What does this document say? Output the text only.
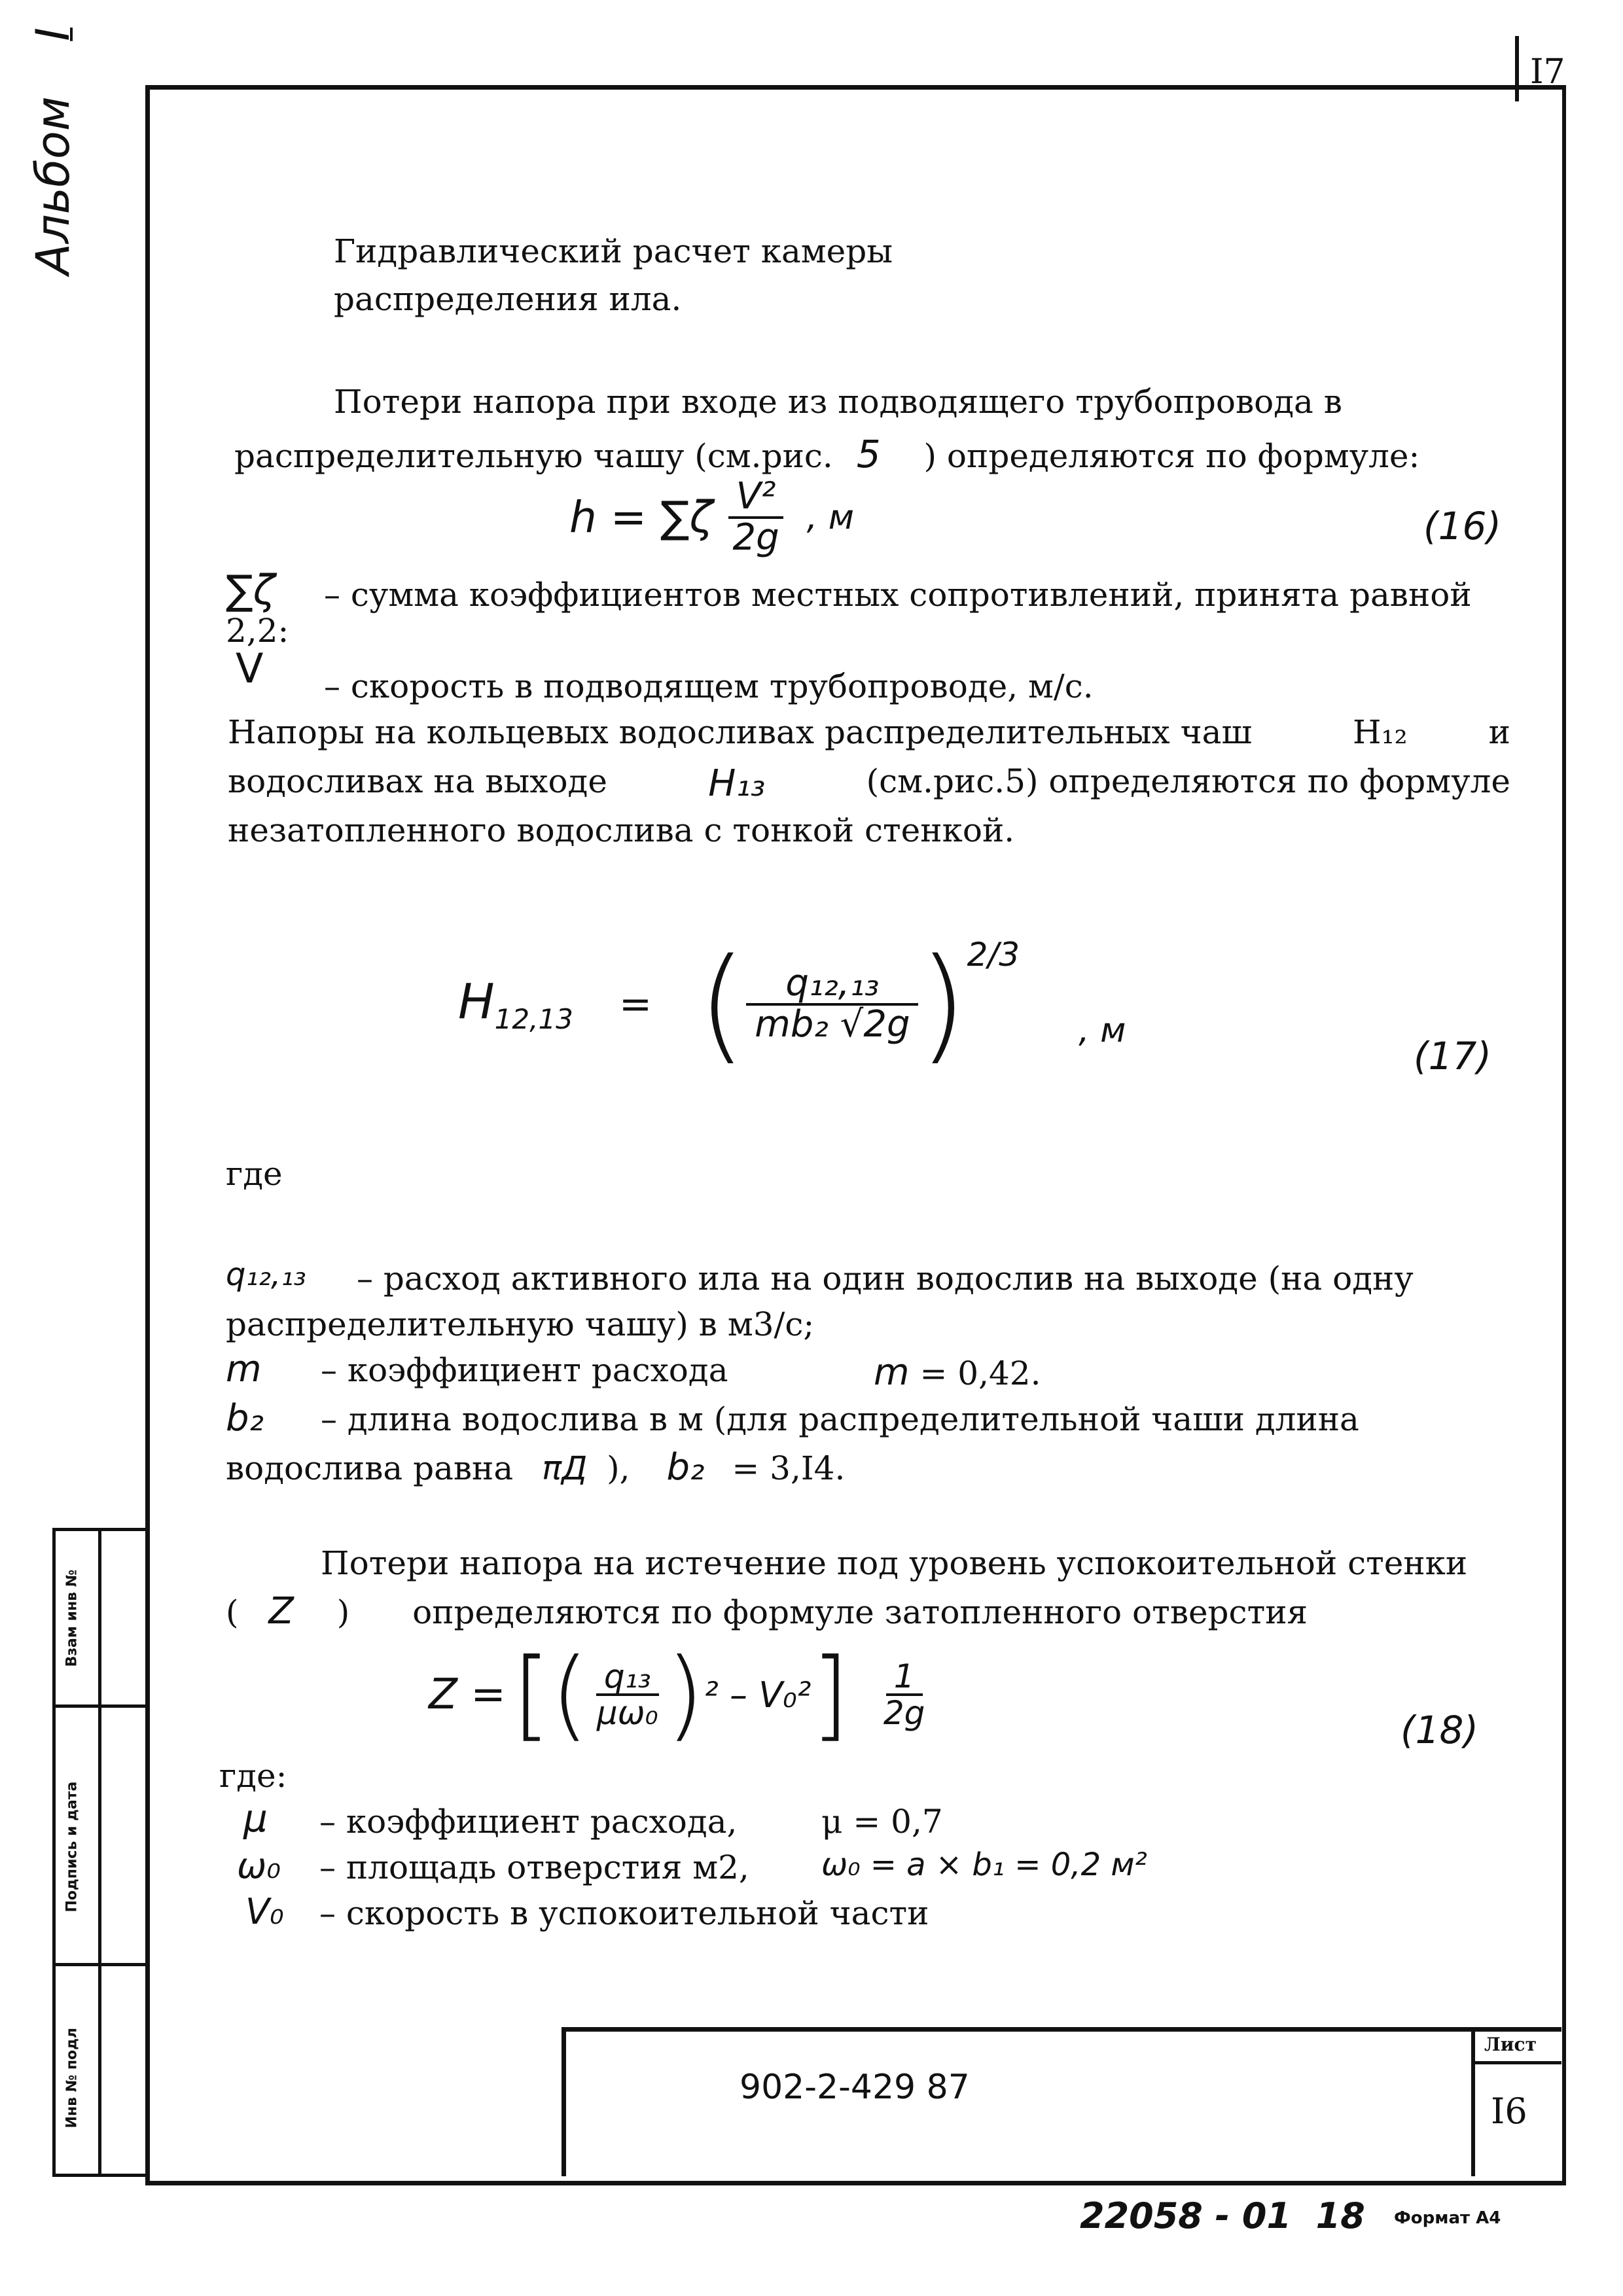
I7
Альбом  I
Взам инв №
Подпись и дата
Инв № подл
Гидравлический расчет камеры
распределения ила.
Потери напора при входе из подводящего трубопровода в
распределительную чашу (см.рис. 5 ) определяются по формуле:
$h = \sum\zeta \frac{\text{V²}}{2g}$ , м	(16)
∑ζ – сумма коэффициентов местных сопротивлений, принята равной
2,2:
V – скорость в подводящем трубопроводе, м/с.
Напоры на кольцевых водосливах распределительных чаш	H₁₂ и
водосливах на выходе	H₁₃	(см.рис.5) определяются по формуле
незатопленного водослива с тонкой стенкой.
$H_{12,13}$ = ( $\frac{\text{q₁₂,₁₃}}{\text{mb₂ √2g}}$ ) 2/3
, м
(17)
где
q₁₂,₁₃ – расход активного ила на один водослив на выходе (на одну
распределительную чашу) в м3/с;
m – коэффициент расхода	m = 0,42.
b₂ – длина водослива в м (для распределительной чаши длина
водослива равна πД ), b₂ = 3,I4.
Потери напора на истечение под уровень успокоительной стенки
( Z ) определяются по формуле затопленного отверстия
Z = [( $\frac{\text{q₁₃}}{\text{μω₀}}$ ) ² – V₀² ] $\frac{1}{2g}$	(18)
где:
μ – коэффициент расхода,	μ = 0,7
ω₀ – площадь отверстия м2, ω₀ = a × b₁ = 0,2 м²
V₀ – скорость в успокоительной части
902-2-429 87
Лист
I6
22058 - 01  18 Формат А4
